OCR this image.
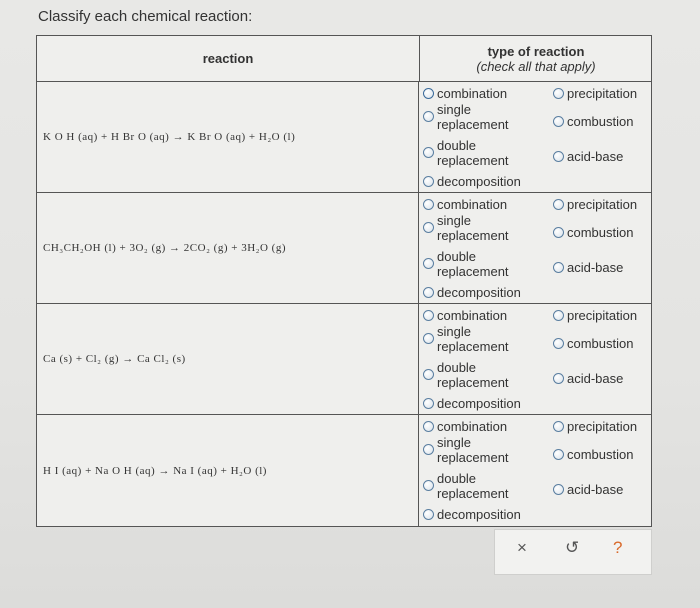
Classify each chemical reaction:
reaction	type of reaction
(check all that apply)
K O H (aq) + H Br O (aq) → K Br O (aq) + H₂O (l)
combination
single
replacement
double
replacement
decomposition
precipitation
combustion
acid-base
CH₃CH₂OH (l) + 3O₂ (g) → 2CO₂ (g) + 3H₂O (g)
combination
single
replacement
double
replacement
decomposition
precipitation
combustion
acid-base
Ca (s) + Cl₂ (g) → Ca Cl₂ (s)
combination
single
replacement
double
replacement
decomposition
precipitation
combustion
acid-base
H I (aq) + Na O H (aq) → Na I (aq) + H₂O (l)
combination
single
replacement
double
replacement
decomposition
precipitation
combustion
acid-base
× ↺ ?
